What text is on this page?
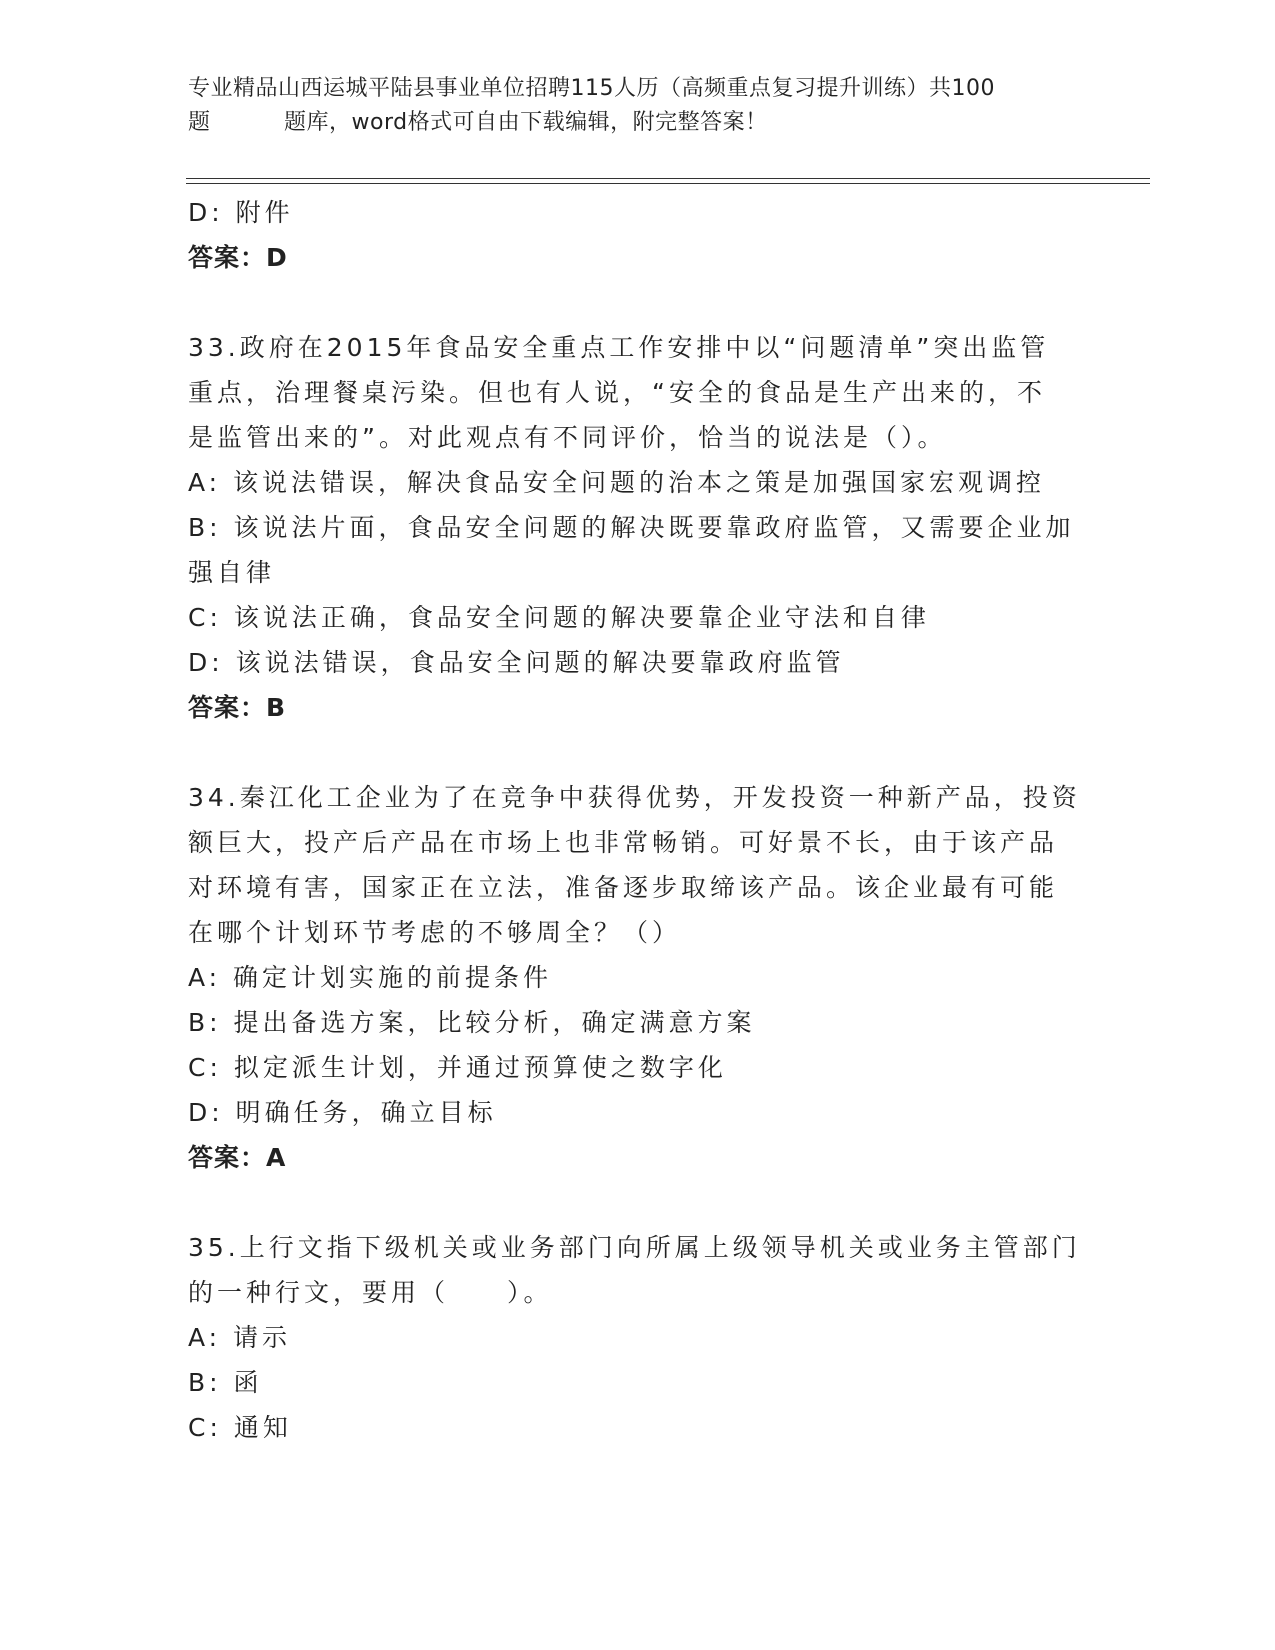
专业精品山西运城平陆县事业单位招聘115人历（高频重点复习提升训练）共100
题	题库，word格式可自由下载编辑，附完整答案！
D: 附件
答案：D
33.政府在2015年食品安全重点工作安排中以“问题清单”突出监管
重点，治理餐桌污染。但也有人说，“安全的食品是生产出来的，不
是监管出来的”。对此观点有不同评价，恰当的说法是（）。
A: 该说法错误，解决食品安全问题的治本之策是加强国家宏观调控
B: 该说法片面，食品安全问题的解决既要靠政府监管，又需要企业加
强自律
C: 该说法正确，食品安全问题的解决要靠企业守法和自律
D: 该说法错误，食品安全问题的解决要靠政府监管
答案：B
34.秦江化工企业为了在竞争中获得优势，开发投资一种新产品，投资
额巨大，投产后产品在市场上也非常畅销。可好景不长，由于该产品
对环境有害，国家正在立法，准备逐步取缔该产品。该企业最有可能
在哪个计划环节考虑的不够周全？（）
A: 确定计划实施的前提条件
B: 提出备选方案，比较分析，确定满意方案
C: 拟定派生计划，并通过预算使之数字化
D: 明确任务，确立目标
答案：A
35.上行文指下级机关或业务部门向所属上级领导机关或业务主管部门
的一种行文，要用（　　）。
A: 请示
B: 函
C: 通知
